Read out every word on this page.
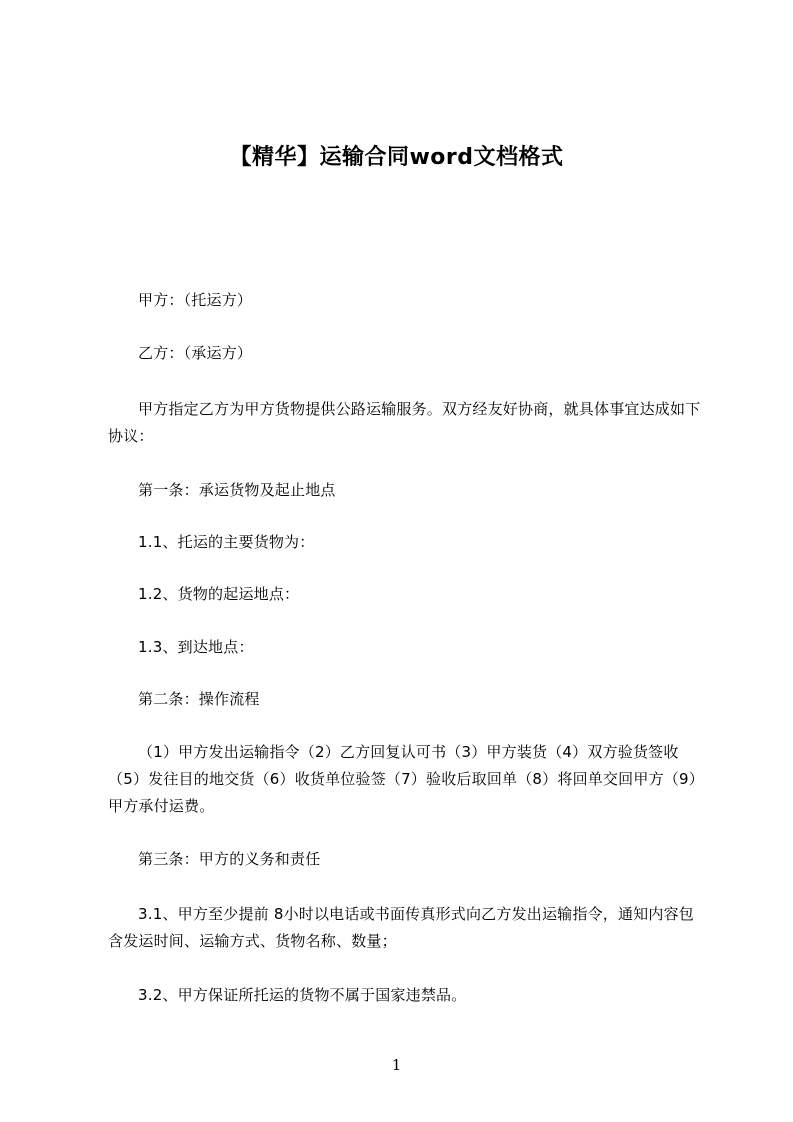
【精华】运输合同word文档格式

甲方：（托运方）

乙方：（承运方）

甲方指定乙方为甲方货物提供公路运输服务。双方经友好协商，就具体事宜达成如下协议：

第一条：承运货物及起止地点

1.1、托运的主要货物为：

1.2、货物的起运地点：

1.3、到达地点：

第二条：操作流程

（1）甲方发出运输指令（2）乙方回复认可书（3）甲方装货（4）双方验货签收（5）发往目的地交货（6）收货单位验签（7）验收后取回单（8）将回单交回甲方（9）甲方承付运费。

第三条：甲方的义务和责任

3.1、甲方至少提前 8小时以电话或书面传真形式向乙方发出运输指令，通知内容包含发运时间、运输方式、货物名称、数量；

3.2、甲方保证所托运的货物不属于国家违禁品。

1
